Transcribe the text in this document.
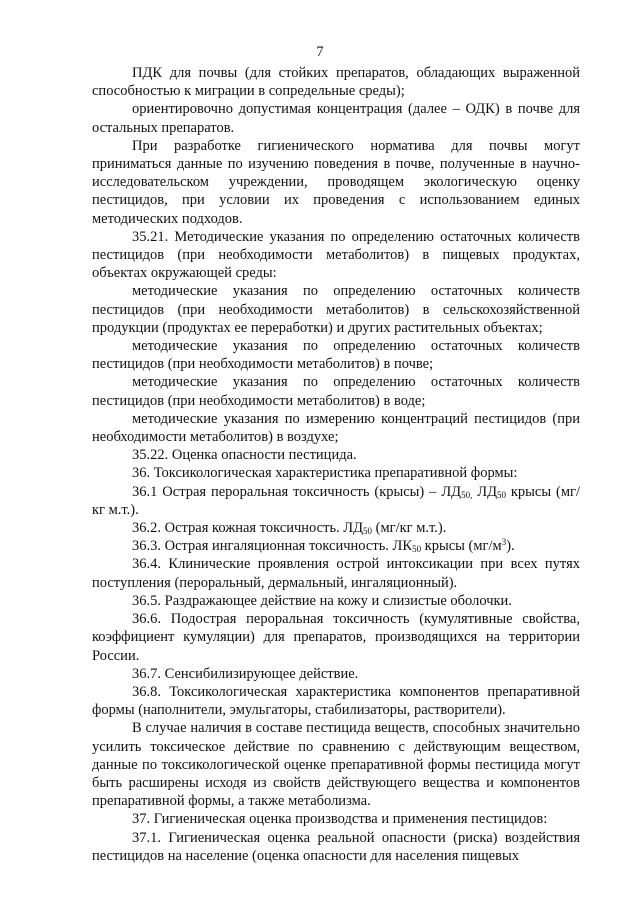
7

ПДК для почвы (для стойких препаратов, обладающих выраженной способностью к миграции в сопредельные среды);

ориентировочно допустимая концентрация (далее – ОДК) в почве для остальных препаратов.

При разработке гигиенического норматива для почвы могут приниматься данные по изучению поведения в почве, полученные в научно-исследовательском учреждении, проводящем экологическую оценку пестицидов, при условии их проведения с использованием единых методических подходов.

35.21. Методические указания по определению остаточных количеств пестицидов (при необходимости метаболитов) в пищевых продуктах, объектах окружающей среды:

методические указания по определению остаточных количеств пестицидов (при необходимости метаболитов) в сельскохозяйственной продукции (продуктах ее переработки) и других растительных объектах;

методические указания по определению остаточных количеств пестицидов (при необходимости метаболитов) в почве;

методические указания по определению остаточных количеств пестицидов (при необходимости метаболитов) в воде;

методические указания по измерению концентраций пестицидов (при необходимости метаболитов) в воздухе;

35.22. Оценка опасности пестицида.

36. Токсикологическая характеристика препаративной формы:

36.1 Острая пероральная токсичность (крысы) – $ЛД_{50,}$ $ЛД_{50}$ крысы (мг/кг м.т.).

36.2. Острая кожная токсичность. $ЛД_{50}$ (мг/кг м.т.).

36.3. Острая ингаляционная токсичность. $ЛК_{50}$ крысы $(мг/м^3)$.

36.4. Клинические проявления острой интоксикации при всех путях поступления (пероральный, дермальный, ингаляционный).

36.5. Раздражающее действие на кожу и слизистые оболочки.

36.6. Подострая пероральная токсичность (кумулятивные свойства, коэффициент кумуляции) для препаратов, производящихся на территории России.

36.7. Сенсибилизирующее действие.

36.8. Токсикологическая характеристика компонентов препаративной формы (наполнители, эмульгаторы, стабилизаторы, растворители).

В случае наличия в составе пестицида веществ, способных значительно усилить токсическое действие по сравнению с действующим веществом, данные по токсикологической оценке препаративной формы пестицида могут быть расширены исходя из свойств действующего вещества и компонентов препаративной формы, а также метаболизма.

37. Гигиеническая оценка производства и применения пестицидов:

37.1. Гигиеническая оценка реальной опасности (риска) воздействия пестицидов на население (оценка опасности для населения пищевых
